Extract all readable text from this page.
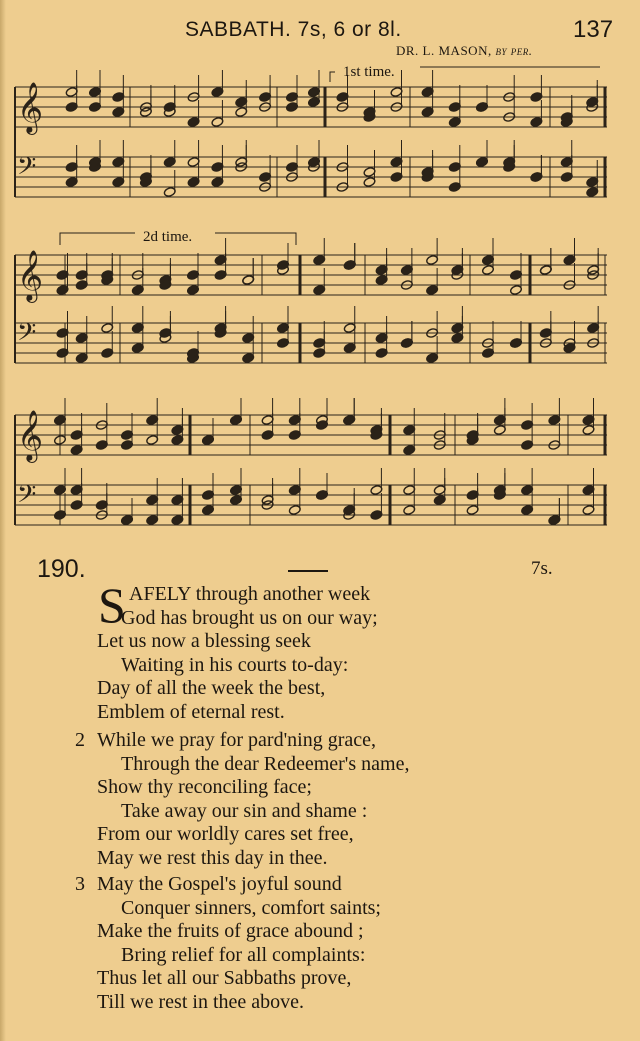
SABBATH. 7s, 6 or 8l.	137
DR. L. MASON, by per.
𝄞
𝄢
𝄞
𝄢
𝄞
𝄢
1st time.
2d time.
190.	7s.
S AFELY through another week
God has brought us on our way;
Let us now a blessing seek
Waiting in his courts to-day:
Day of all the week the best,
Emblem of eternal rest.
2 While we pray for pard'ning grace,
Through the dear Redeemer's name,
Show thy reconciling face;
Take away our sin and shame :
From our worldly cares set free,
May we rest this day in thee.
3 May the Gospel's joyful sound
Conquer sinners, comfort saints;
Make the fruits of grace abound ;
Bring relief for all complaints:
Thus let all our Sabbaths prove,
Till we rest in thee above.
